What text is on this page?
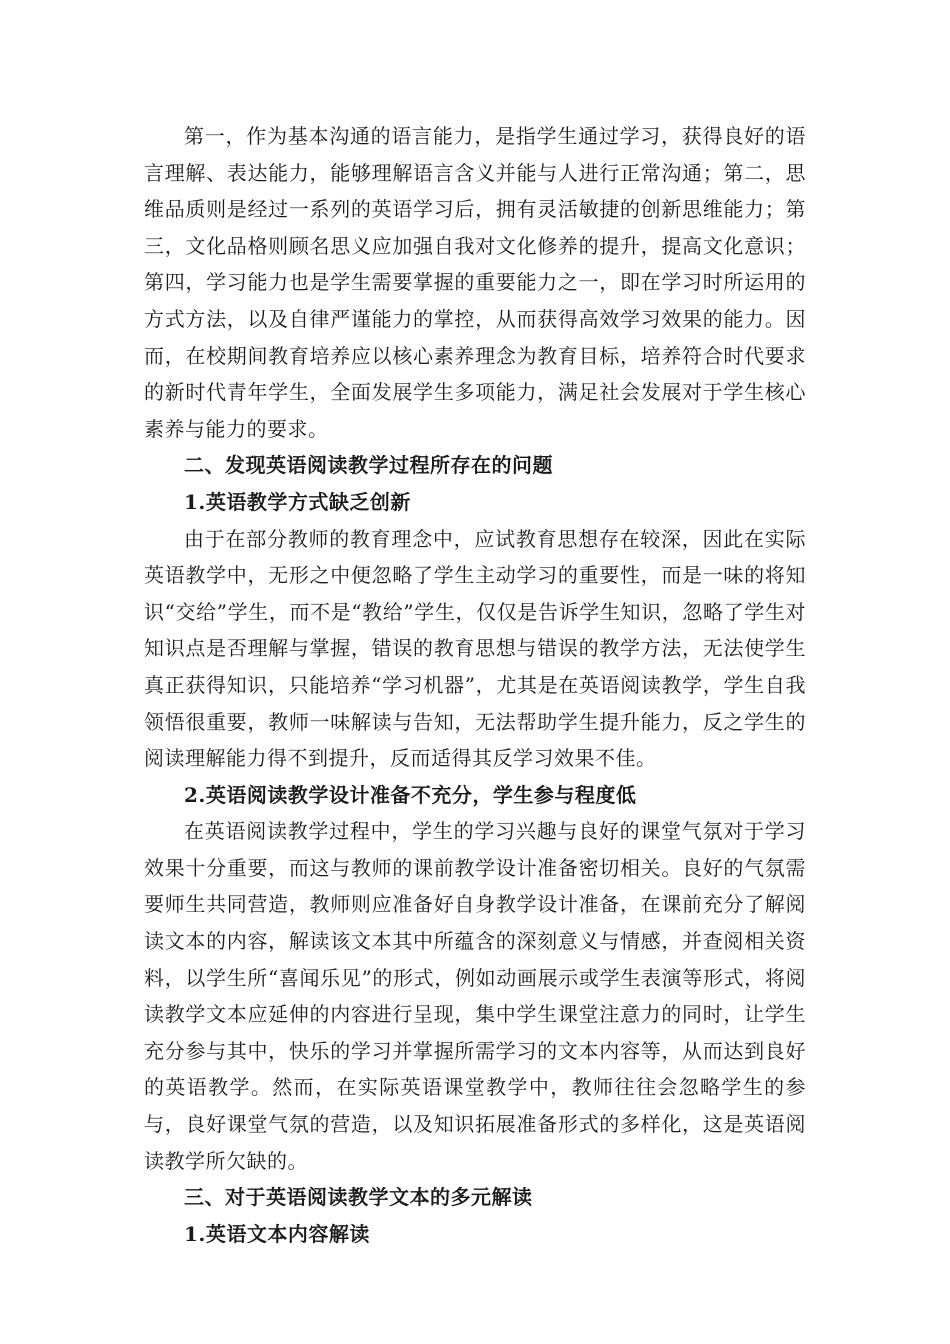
第一，作为基本沟通的语言能力，是指学生通过学习，获得良好的语言理解、表达能力，能够理解语言含义并能与人进行正常沟通；第二，思维品质则是经过一系列的英语学习后，拥有灵活敏捷的创新思维能力；第三，文化品格则顾名思义应加强自我对文化修养的提升，提高文化意识；第四，学习能力也是学生需要掌握的重要能力之一，即在学习时所运用的方式方法，以及自律严谨能力的掌控，从而获得高效学习效果的能力。因而，在校期间教育培养应以核心素养理念为教育目标，培养符合时代要求的新时代青年学生，全面发展学生多项能力，满足社会发展对于学生核心素养与能力的要求。

二、发现英语阅读教学过程所存在的问题

1.英语教学方式缺乏创新

由于在部分教师的教育理念中，应试教育思想存在较深，因此在实际英语教学中，无形之中便忽略了学生主动学习的重要性，而是一味的将知识“交给”学生，而不是“教给”学生，仅仅是告诉学生知识，忽略了学生对知识点是否理解与掌握，错误的教育思想与错误的教学方法，无法使学生真正获得知识，只能培养“学习机器”，尤其是在英语阅读教学，学生自我领悟很重要，教师一味解读与告知，无法帮助学生提升能力，反之学生的阅读理解能力得不到提升，反而适得其反学习效果不佳。

2.英语阅读教学设计准备不充分，学生参与程度低

在英语阅读教学过程中，学生的学习兴趣与良好的课堂气氛对于学习效果十分重要，而这与教师的课前教学设计准备密切相关。良好的气氛需要师生共同营造，教师则应准备好自身教学设计准备，在课前充分了解阅读文本的内容，解读该文本其中所蕴含的深刻意义与情感，并查阅相关资料，以学生所“喜闻乐见”的形式，例如动画展示或学生表演等形式，将阅读教学文本应延伸的内容进行呈现，集中学生课堂注意力的同时，让学生充分参与其中，快乐的学习并掌握所需学习的文本内容等，从而达到良好的英语教学。然而，在实际英语课堂教学中，教师往往会忽略学生的参与，良好课堂气氛的营造，以及知识拓展准备形式的多样化，这是英语阅读教学所欠缺的。

三、对于英语阅读教学文本的多元解读

1.英语文本内容解读
